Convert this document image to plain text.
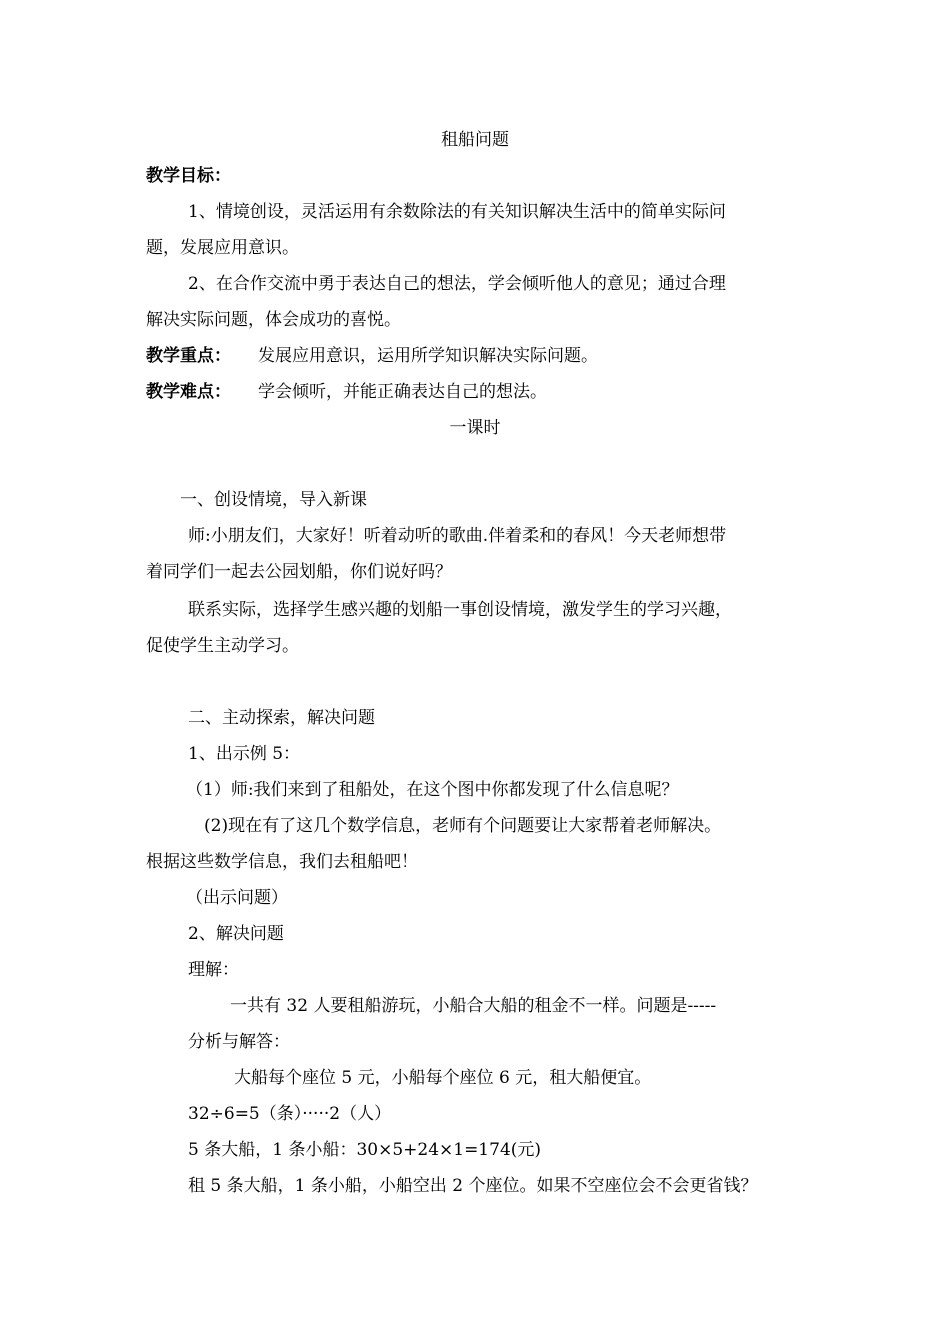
租船问题
教学目标：
1、情境创设，灵活运用有余数除法的有关知识解决生活中的简单实际问
题，发展应用意识。
2、在合作交流中勇于表达自己的想法，学会倾听他人的意见；通过合理
解决实际问题，体会成功的喜悦。
教学重点： 发展应用意识，运用所学知识解决实际问题。
教学难点： 学会倾听，并能正确表达自己的想法。
一课时
一、创设情境，导入新课
师:小朋友们，大家好！听着动听的歌曲.伴着柔和的春风！今天老师想带
着同学们一起去公园划船，你们说好吗？
联系实际，选择学生感兴趣的划船一事创设情境，激发学生的学习兴趣，
促使学生主动学习。
二、主动探索，解决问题
1、出示例 5：
（1）师:我们来到了租船处，在这个图中你都发现了什么信息呢？
(2)现在有了这几个数学信息，老师有个问题要让大家帮着老师解决。
根据这些数学信息，我们去租船吧！
（出示问题）
2、解决问题
理解：
一共有 32 人要租船游玩，小船合大船的租金不一样。问题是-----
分析与解答：
大船每个座位 5 元，小船每个座位 6 元，租大船便宜。
32÷6=5（条）·····2（人）
5 条大船，1 条小船：30×5+24×1=174(元)
租 5 条大船，1 条小船，小船空出 2 个座位。如果不空座位会不会更省钱？
